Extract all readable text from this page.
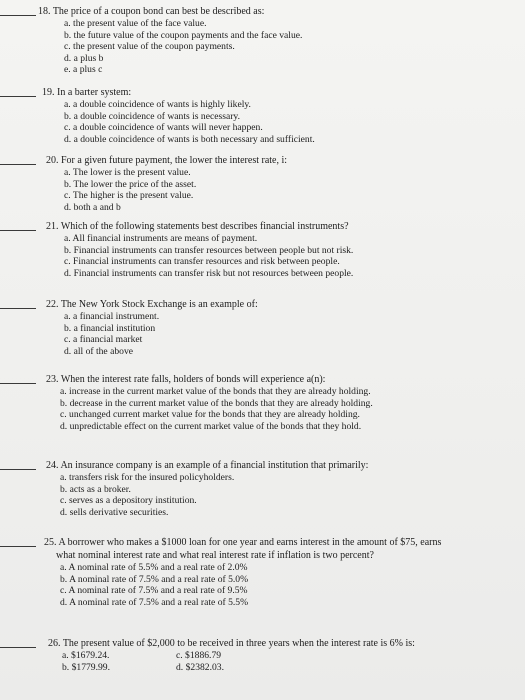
18. The price of a coupon bond can best be described as:
a. the present value of the face value.
b. the future value of the coupon payments and the face value.
c. the present value of the coupon payments.
d. a plus b
e. a plus c
19. In a barter system:
a. a double coincidence of wants is highly likely.
b. a double coincidence of wants is necessary.
c. a double coincidence of wants will never happen.
d. a double coincidence of wants is both necessary and sufficient.
20. For a given future payment, the lower the interest rate, i:
a. The lower is the present value.
b. The lower the price of the asset.
c. The higher is the present value.
d. both a and b
21. Which of the following statements best describes financial instruments?
a. All financial instruments are means of payment.
b. Financial instruments can transfer resources between people but not risk.
c. Financial instruments can transfer resources and risk between people.
d. Financial instruments can transfer risk but not resources between people.
22. The New York Stock Exchange is an example of:
a. a financial instrument.
b. a financial institution
c. a financial market
d. all of the above
23. When the interest rate falls, holders of bonds will experience a(n):
a. increase in the current market value of the bonds that they are already holding.
b. decrease in the current market value of the bonds that they are already holding.
c. unchanged current market value for the bonds that they are already holding.
d. unpredictable effect on the current market value of the bonds that they hold.
24. An insurance company is an example of a financial institution that primarily:
a. transfers risk for the insured policyholders.
b. acts as a broker.
c. serves as a depository institution.
d. sells derivative securities.
25. A borrower who makes a $1000 loan for one year and earns interest in the amount of $75, earns
what nominal interest rate and what real interest rate if inflation is two percent?
a. A nominal rate of 5.5% and a real rate of 2.0%
b. A nominal rate of 7.5% and a real rate of 5.0%
c. A nominal rate of 7.5% and a real rate of 9.5%
d. A nominal rate of 7.5% and a real rate of 5.5%
26. The present value of $2,000 to be received in three years when the interest rate is 6% is:
a. $1679.24.	c. $1886.79
b. $1779.99.	d. $2382.03.
